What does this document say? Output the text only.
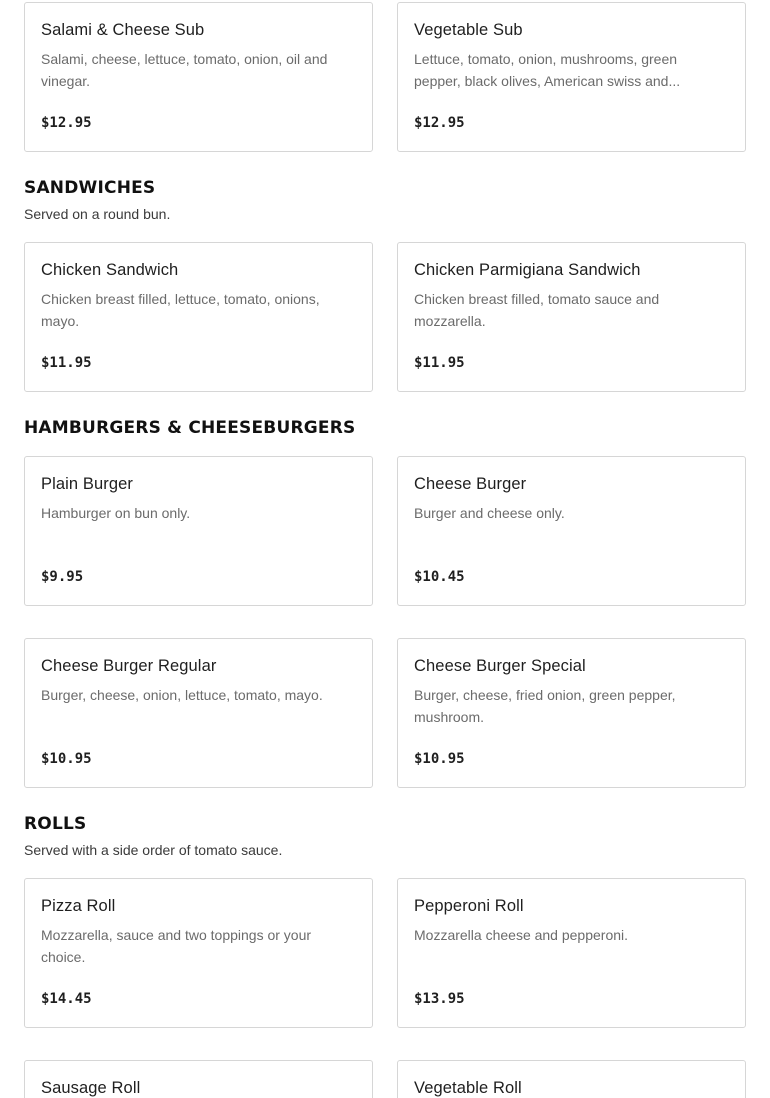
Salami & Cheese Sub
Salami, cheese, lettuce, tomato, onion, oil and vinegar.
$12.95
Vegetable Sub
Lettuce, tomato, onion, mushrooms, green pepper, black olives, American swiss and...
$12.95
SANDWICHES
Served on a round bun.
Chicken Sandwich
Chicken breast filled, lettuce, tomato, onions, mayo.
$11.95
Chicken Parmigiana Sandwich
Chicken breast filled, tomato sauce and mozzarella.
$11.95
HAMBURGERS & CHEESEBURGERS
Plain Burger
Hamburger on bun only.
$9.95
Cheese Burger
Burger and cheese only.
$10.45
Cheese Burger Regular
Burger, cheese, onion, lettuce, tomato, mayo.
$10.95
Cheese Burger Special
Burger, cheese, fried onion, green pepper, mushroom.
$10.95
ROLLS
Served with a side order of tomato sauce.
Pizza Roll
Mozzarella, sauce and two toppings or your choice.
$14.45
Pepperoni Roll
Mozzarella cheese and pepperoni.
$13.95
Sausage Roll	Vegetable Roll
